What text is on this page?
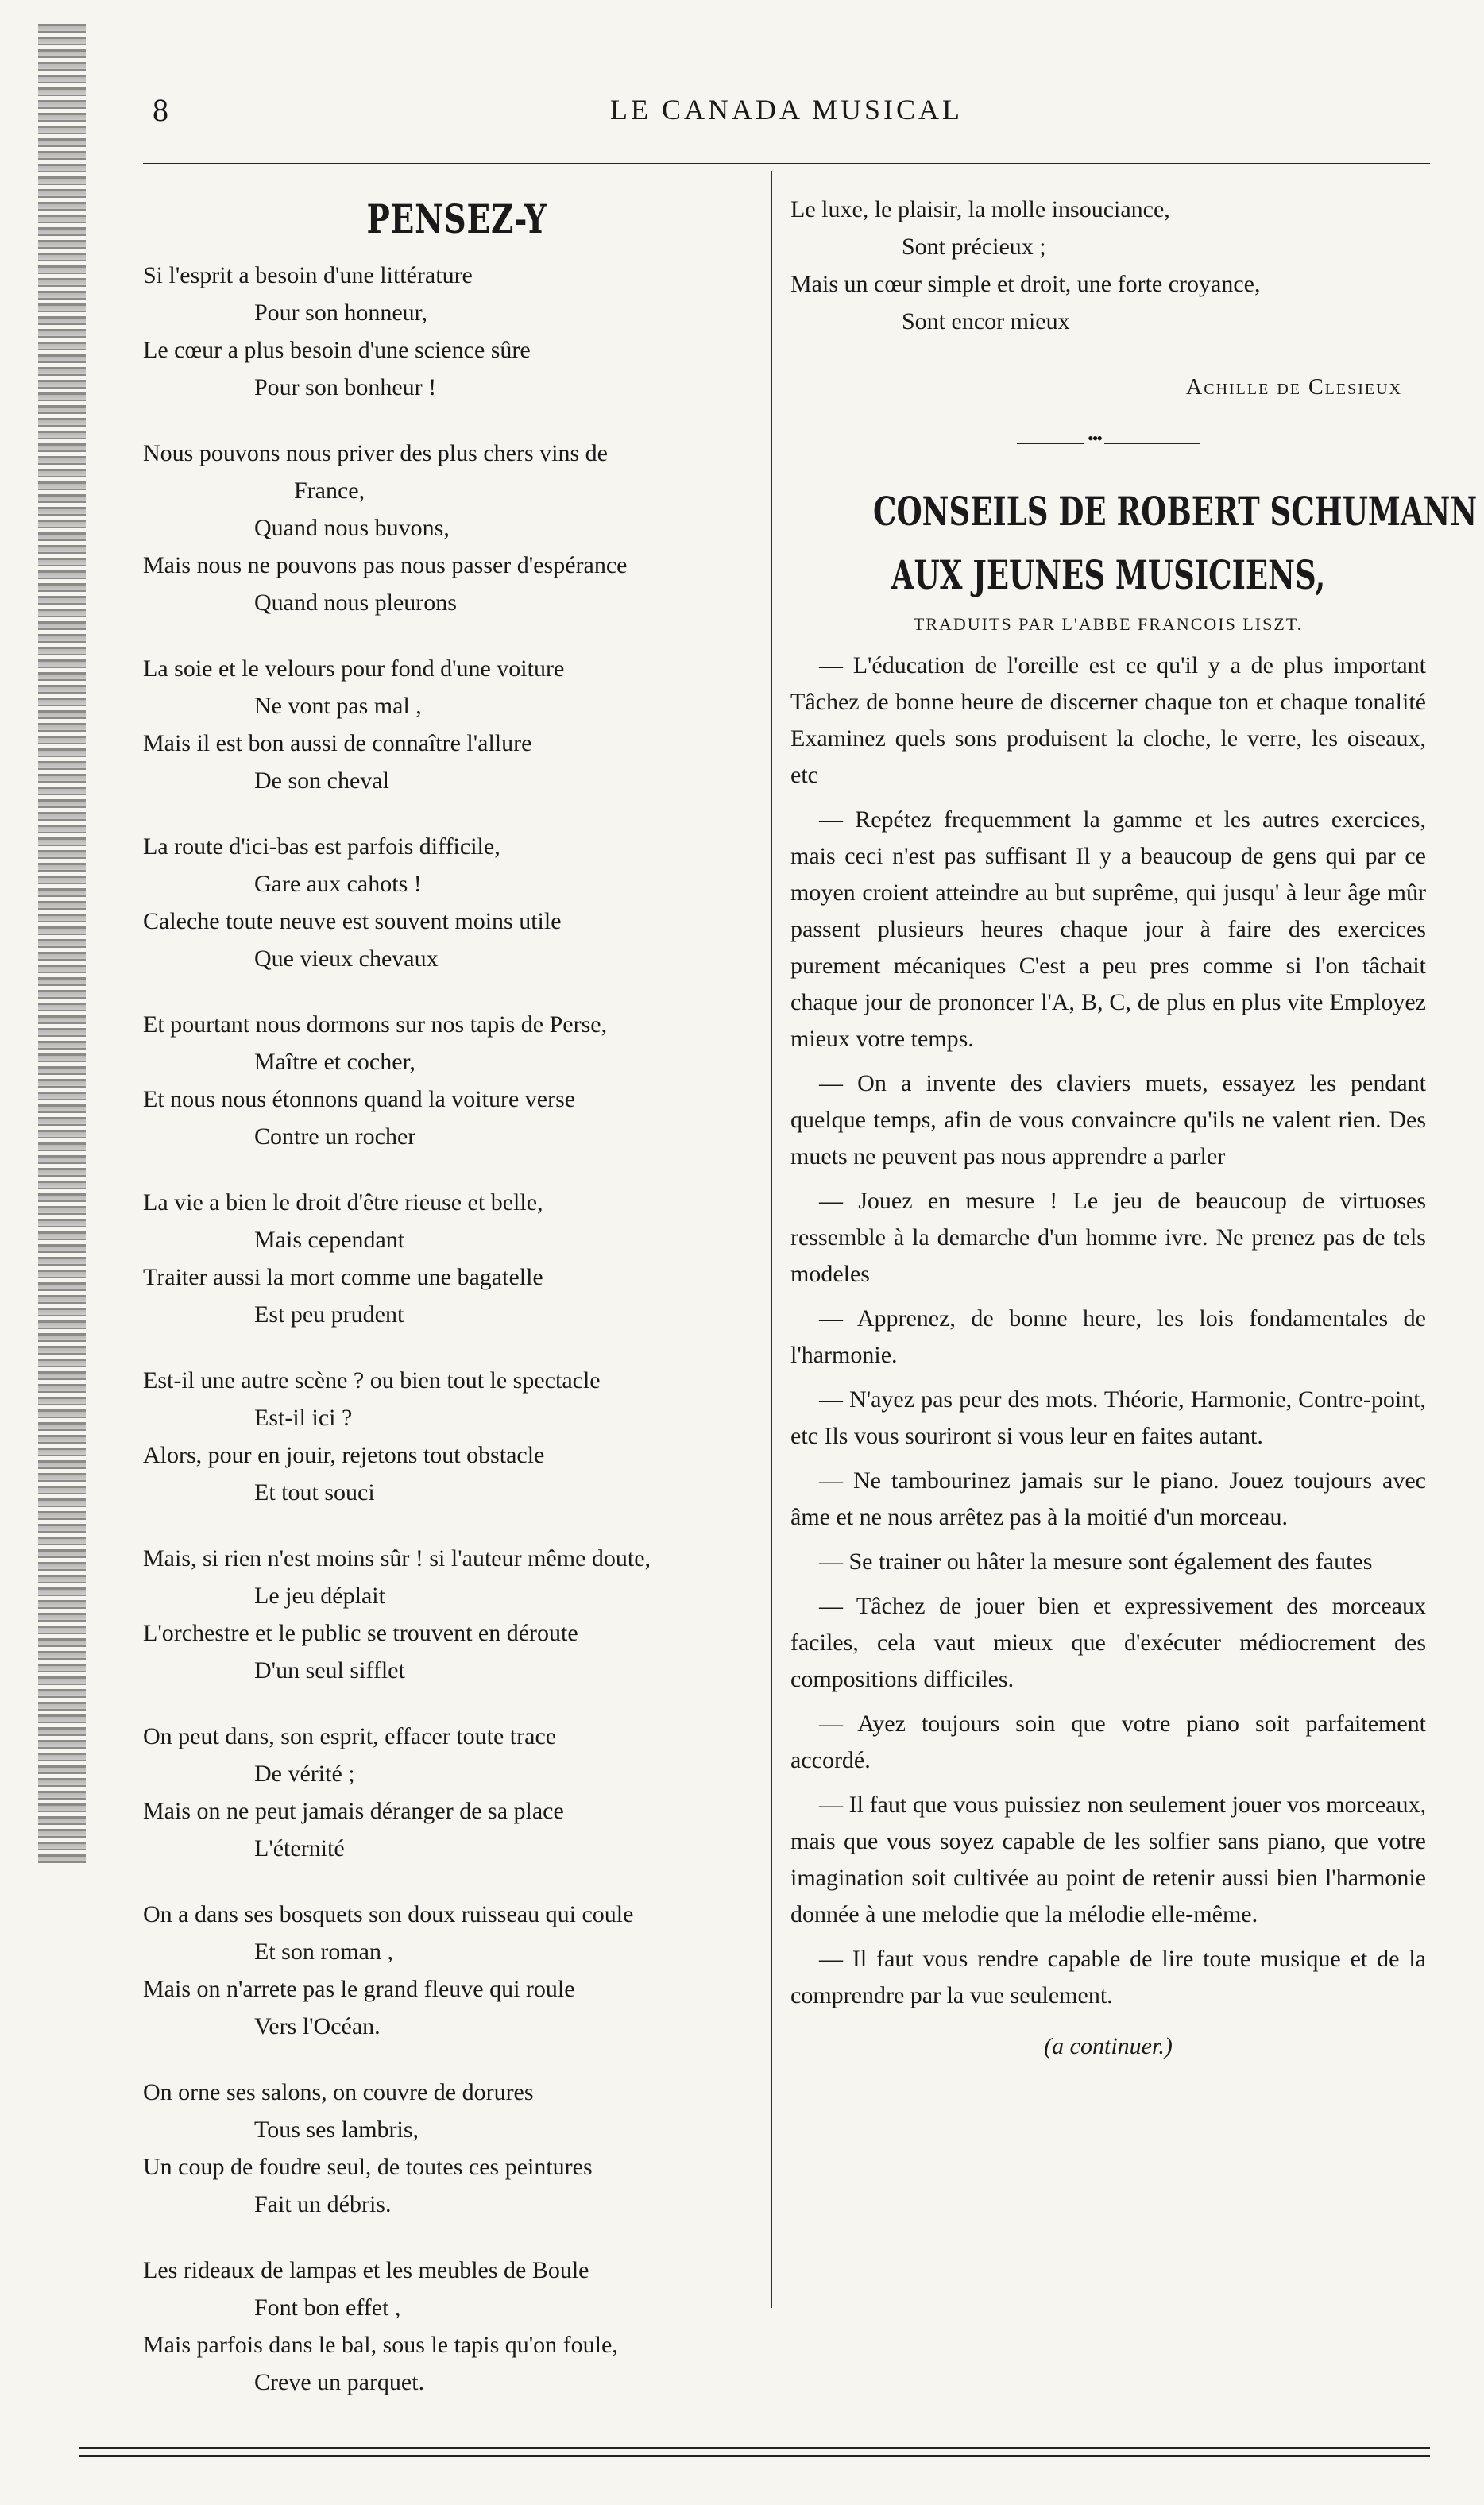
8	LE CANADA MUSICAL
PENSEZ-Y
Si l'esprit a besoin d'une littérature
Pour son honneur,
Le cœur a plus besoin d'une science sûre
Pour son bonheur !
Nous pouvons nous priver des plus chers vins de
France,
Quand nous buvons,
Mais nous ne pouvons pas nous passer d'espérance
Quand nous pleurons
La soie et le velours pour fond d'une voiture
Ne vont pas mal ,
Mais il est bon aussi de connaître l'allure
De son cheval
La route d'ici-bas est parfois difficile,
Gare aux cahots !
Caleche toute neuve est souvent moins utile
Que vieux chevaux
Et pourtant nous dormons sur nos tapis de Perse,
Maître et cocher,
Et nous nous étonnons quand la voiture verse
Contre un rocher
La vie a bien le droit d'être rieuse et belle,
Mais cependant
Traiter aussi la mort comme une bagatelle
Est peu prudent
Est-il une autre scène ? ou bien tout le spectacle
Est-il ici ?
Alors, pour en jouir, rejetons tout obstacle
Et tout souci
Mais, si rien n'est moins sûr ! si l'auteur même doute,
Le jeu déplait
L'orchestre et le public se trouvent en déroute
D'un seul sifflet
On peut dans, son esprit, effacer toute trace
De vérité ;
Mais on ne peut jamais déranger de sa place
L'éternité
On a dans ses bosquets son doux ruisseau qui coule
Et son roman ,
Mais on n'arrete pas le grand fleuve qui roule
Vers l'Océan.
On orne ses salons, on couvre de dorures
Tous ses lambris,
Un coup de foudre seul, de toutes ces peintures
Fait un débris.
Les rideaux de lampas et les meubles de Boule
Font bon effet ,
Mais parfois dans le bal, sous le tapis qu'on foule,
Creve un parquet.
Le luxe, le plaisir, la molle insouciance,
Sont précieux ;
Mais un cœur simple et droit, une forte croyance,
Sont encor mieux
Achille de Clesieux
•••
CONSEILS DE ROBERT SCHUMANN
AUX JEUNES MUSICIENS,
TRADUITS PAR L'ABBE FRANCOIS LISZT.

— L'éducation de l'oreille est ce qu'il y a de plus important Tâchez de bonne heure de discerner chaque ton et chaque tonalité Examinez quels sons produisent la cloche, le verre, les oiseaux, etc

— Repétez frequemment la gamme et les autres exercices, mais ceci n'est pas suffisant Il y a beaucoup de gens qui par ce moyen croient atteindre au but suprême, qui jusqu' à leur âge mûr passent plusieurs heures chaque jour à faire des exercices purement mécaniques C'est a peu pres comme si l'on tâchait chaque jour de prononcer l'A, B, C, de plus en plus vite Employez mieux votre temps.

— On a invente des claviers muets, essayez les pendant quelque temps, afin de vous convaincre qu'ils ne valent rien. Des muets ne peuvent pas nous apprendre a parler

— Jouez en mesure ! Le jeu de beaucoup de virtuoses ressemble à la demarche d'un homme ivre. Ne prenez pas de tels modeles

— Apprenez, de bonne heure, les lois fondamentales de l'harmonie.

— N'ayez pas peur des mots. Théorie, Harmonie, Contre-point, etc Ils vous souriront si vous leur en faites autant.

— Ne tambourinez jamais sur le piano. Jouez toujours avec âme et ne nous arrêtez pas à la moitié d'un morceau.

— Se trainer ou hâter la mesure sont également des fautes

— Tâchez de jouer bien et expressivement des morceaux faciles, cela vaut mieux que d'exécuter médiocrement des compositions difficiles.

— Ayez toujours soin que votre piano soit parfaitement accordé.

— Il faut que vous puissiez non seulement jouer vos morceaux, mais que vous soyez capable de les solfier sans piano, que votre imagination soit cultivée au point de retenir aussi bien l'harmonie donnée à une melodie que la mélodie elle-même.

— Il faut vous rendre capable de lire toute musique et de la comprendre par la vue seulement.

(a continuer.)
